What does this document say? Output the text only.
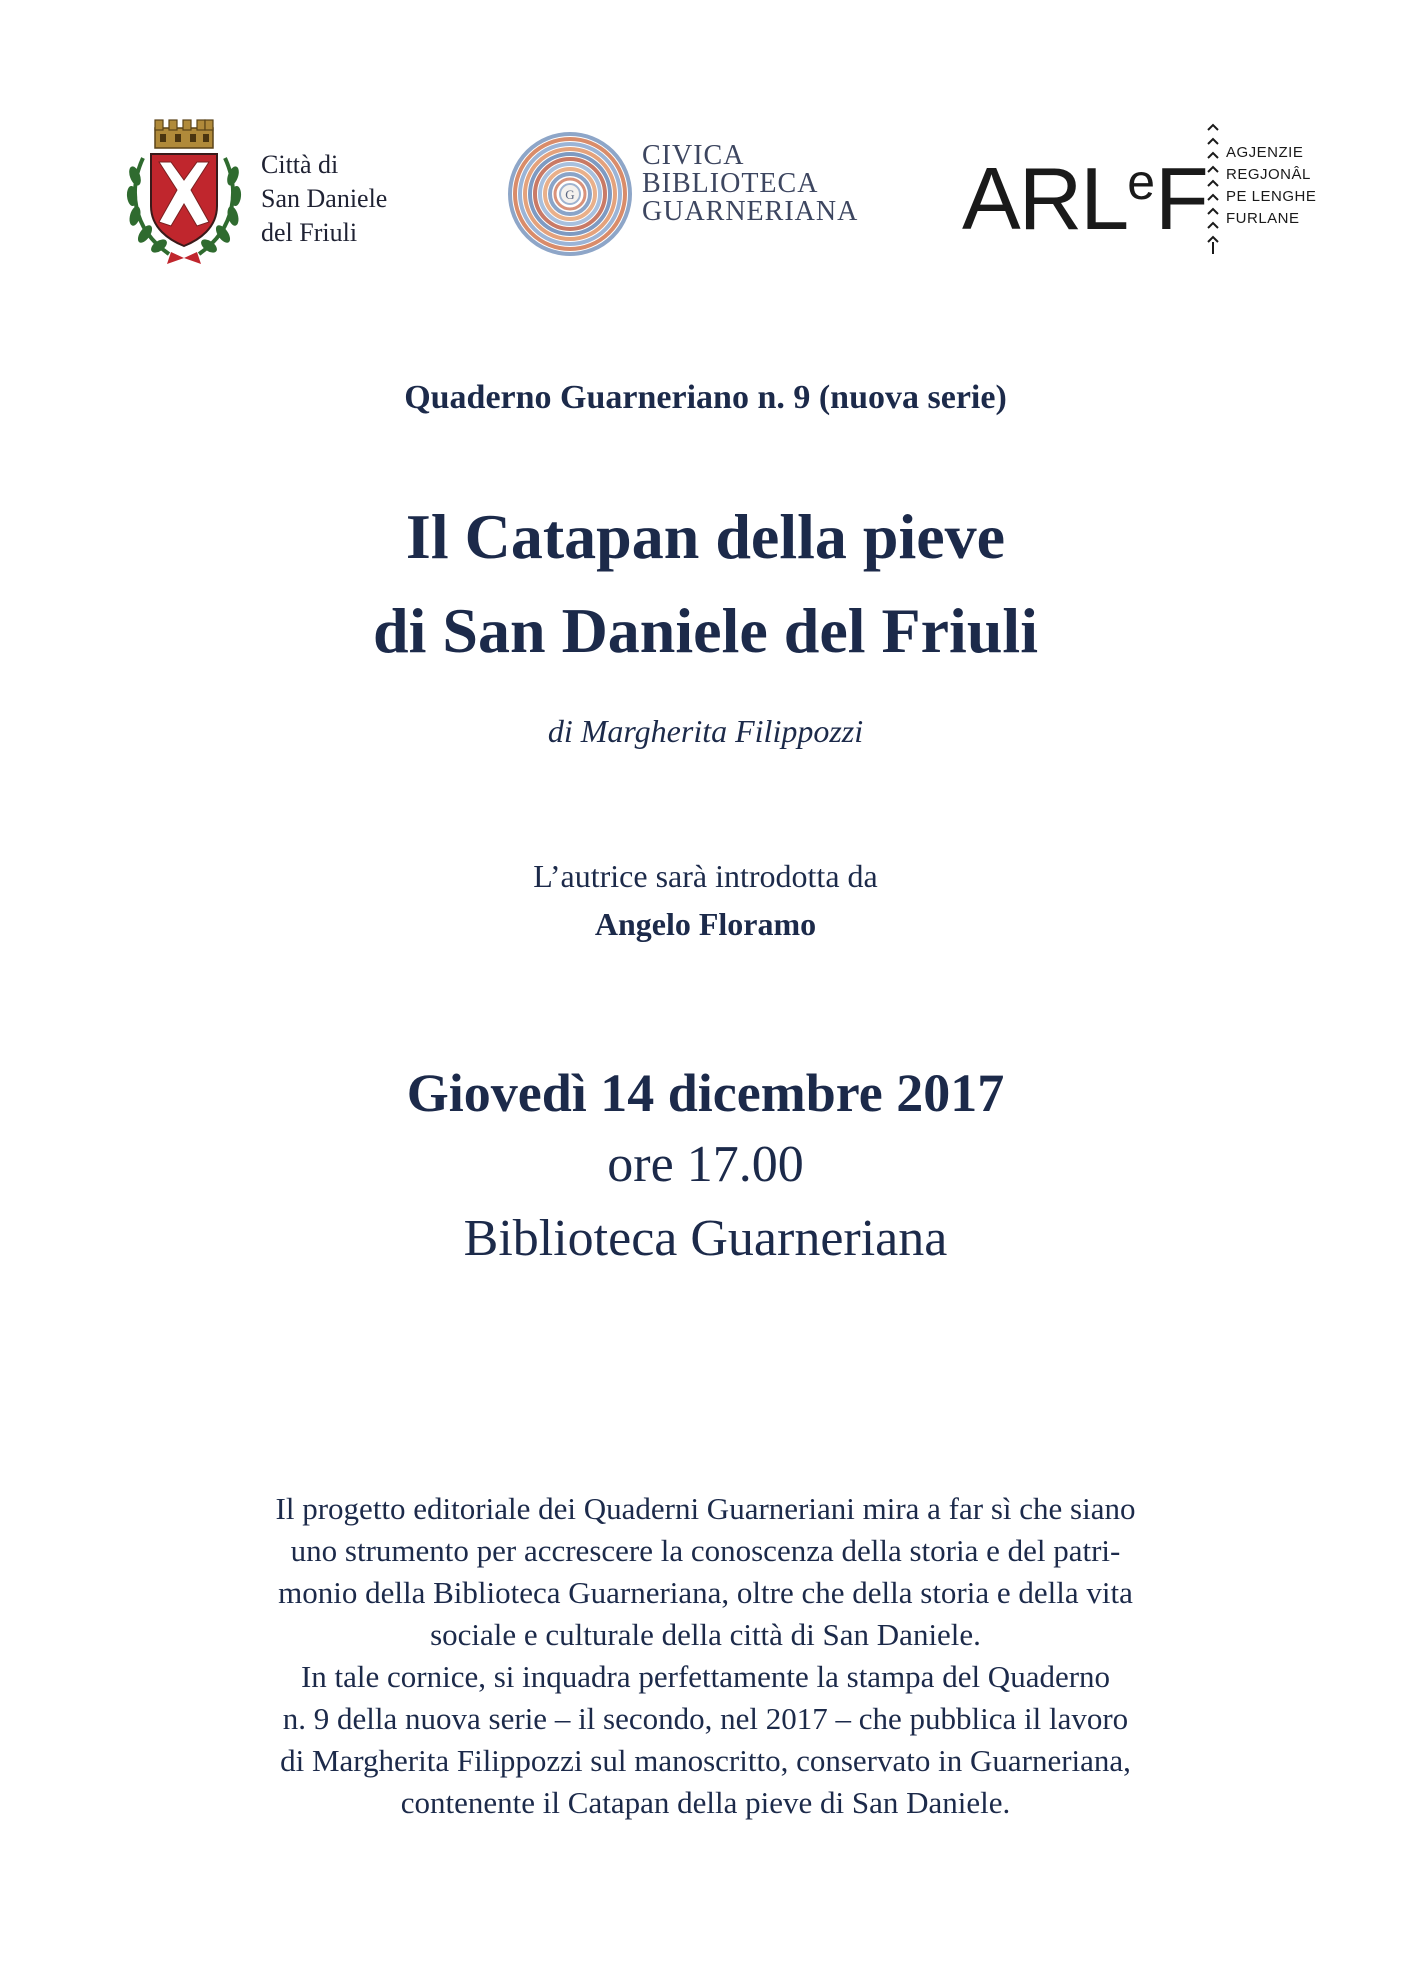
Città di
San Daniele
del Friuli
G
CIVICA
BIBLIOTECA
GUARNERIANA ARL$^e$F AGJENZIE
REGJONÂL
PE LENGHE
FURLANE
Quaderno Guarneriano n. 9 (nuova serie)
Il Catapan della pieve
di San Daniele del Friuli
di Margherita Filippozzi
L’autrice sarà introdotta da
Angelo Floramo
Giovedì 14 dicembre 2017
ore 17.00
Biblioteca Guarneriana
Il progetto editoriale dei Quaderni Guarneriani mira a far sì che siano
uno strumento per accrescere la conoscenza della storia e del patri-
monio della Biblioteca Guarneriana, oltre che della storia e della vita
sociale e culturale della città di San Daniele.
In tale cornice, si inquadra perfettamente la stampa del Quaderno
n. 9 della nuova serie – il secondo, nel 2017 – che pubblica il lavoro
di Margherita Filippozzi sul manoscritto, conservato in Guarneriana,
contenente il Catapan della pieve di San Daniele.
